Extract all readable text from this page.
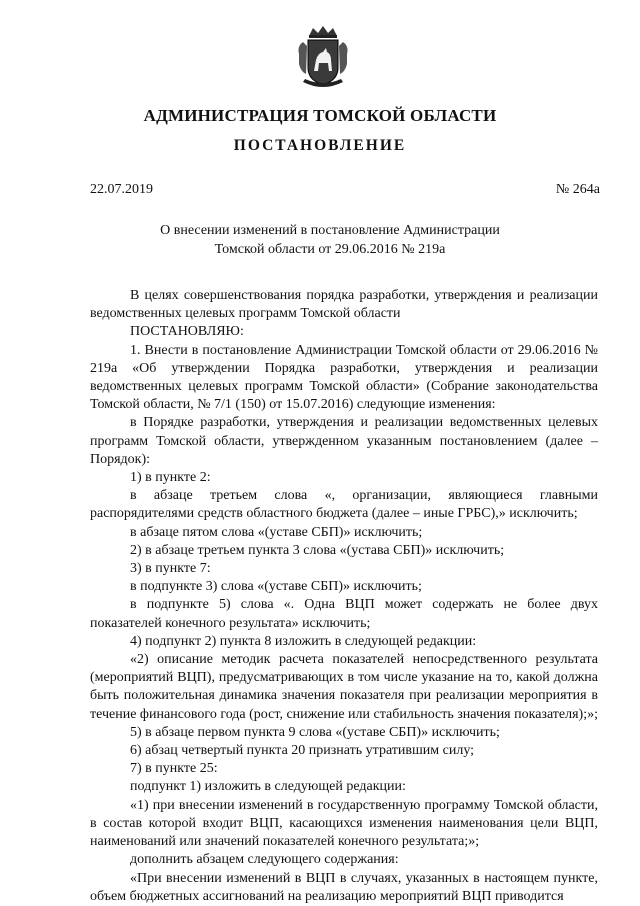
АДМИНИСТРАЦИЯ ТОМСКОЙ ОБЛАСТИ
ПОСТАНОВЛЕНИЕ
22.07.2019	№ 264а
О внесении изменений в постановление Администрации
Томской области от 29.06.2016 № 219а

В целях совершенствования порядка разработки, утверждения и реализации ведомственных целевых программ Томской области

ПОСТАНОВЛЯЮ:

1. Внести в постановление Администрации Томской области от 29.06.2016 № 219а «Об утверждении Порядка разработки, утверждения и реализации ведомственных целевых программ Томской области» (Собрание законодательства Томской области, № 7/1 (150) от 15.07.2016) следующие изменения:

в Порядке разработки, утверждения и реализации ведомственных целевых программ Томской области, утвержденном указанным постановлением (далее – Порядок):

1) в пункте 2:

в абзаце третьем слова «, организации, являющиеся главными распорядителями средств областного бюджета (далее – иные ГРБС),» исключить;

в абзаце пятом слова «(уставе СБП)» исключить;

2) в абзаце третьем пункта 3 слова «(устава СБП)» исключить;

3) в пункте 7:

в подпункте 3) слова «(уставе СБП)» исключить;

в подпункте 5) слова «. Одна ВЦП может содержать не более двух показателей конечного результата» исключить;

4) подпункт 2) пункта 8 изложить в следующей редакции:

«2) описание методик расчета показателей непосредственного результата (мероприятий ВЦП), предусматривающих в том числе указание на то, какой должна быть положительная динамика значения показателя при реализации мероприятия в течение финансового года (рост, снижение или стабильность значения показателя);»;

5) в абзаце первом пункта 9 слова «(уставе СБП)» исключить;

6) абзац четвертый пункта 20 признать утратившим силу;

7) в пункте 25:

подпункт 1) изложить в следующей редакции:

«1) при внесении изменений в государственную программу Томской области, в состав которой входит ВЦП, касающихся изменения наименования цели ВЦП, наименований или значений показателей конечного результата;»;

дополнить абзацем следующего содержания:

«При внесении изменений в ВЦП в случаях, указанных в настоящем пункте, объем бюджетных ассигнований на реализацию мероприятий ВЦП приводится
